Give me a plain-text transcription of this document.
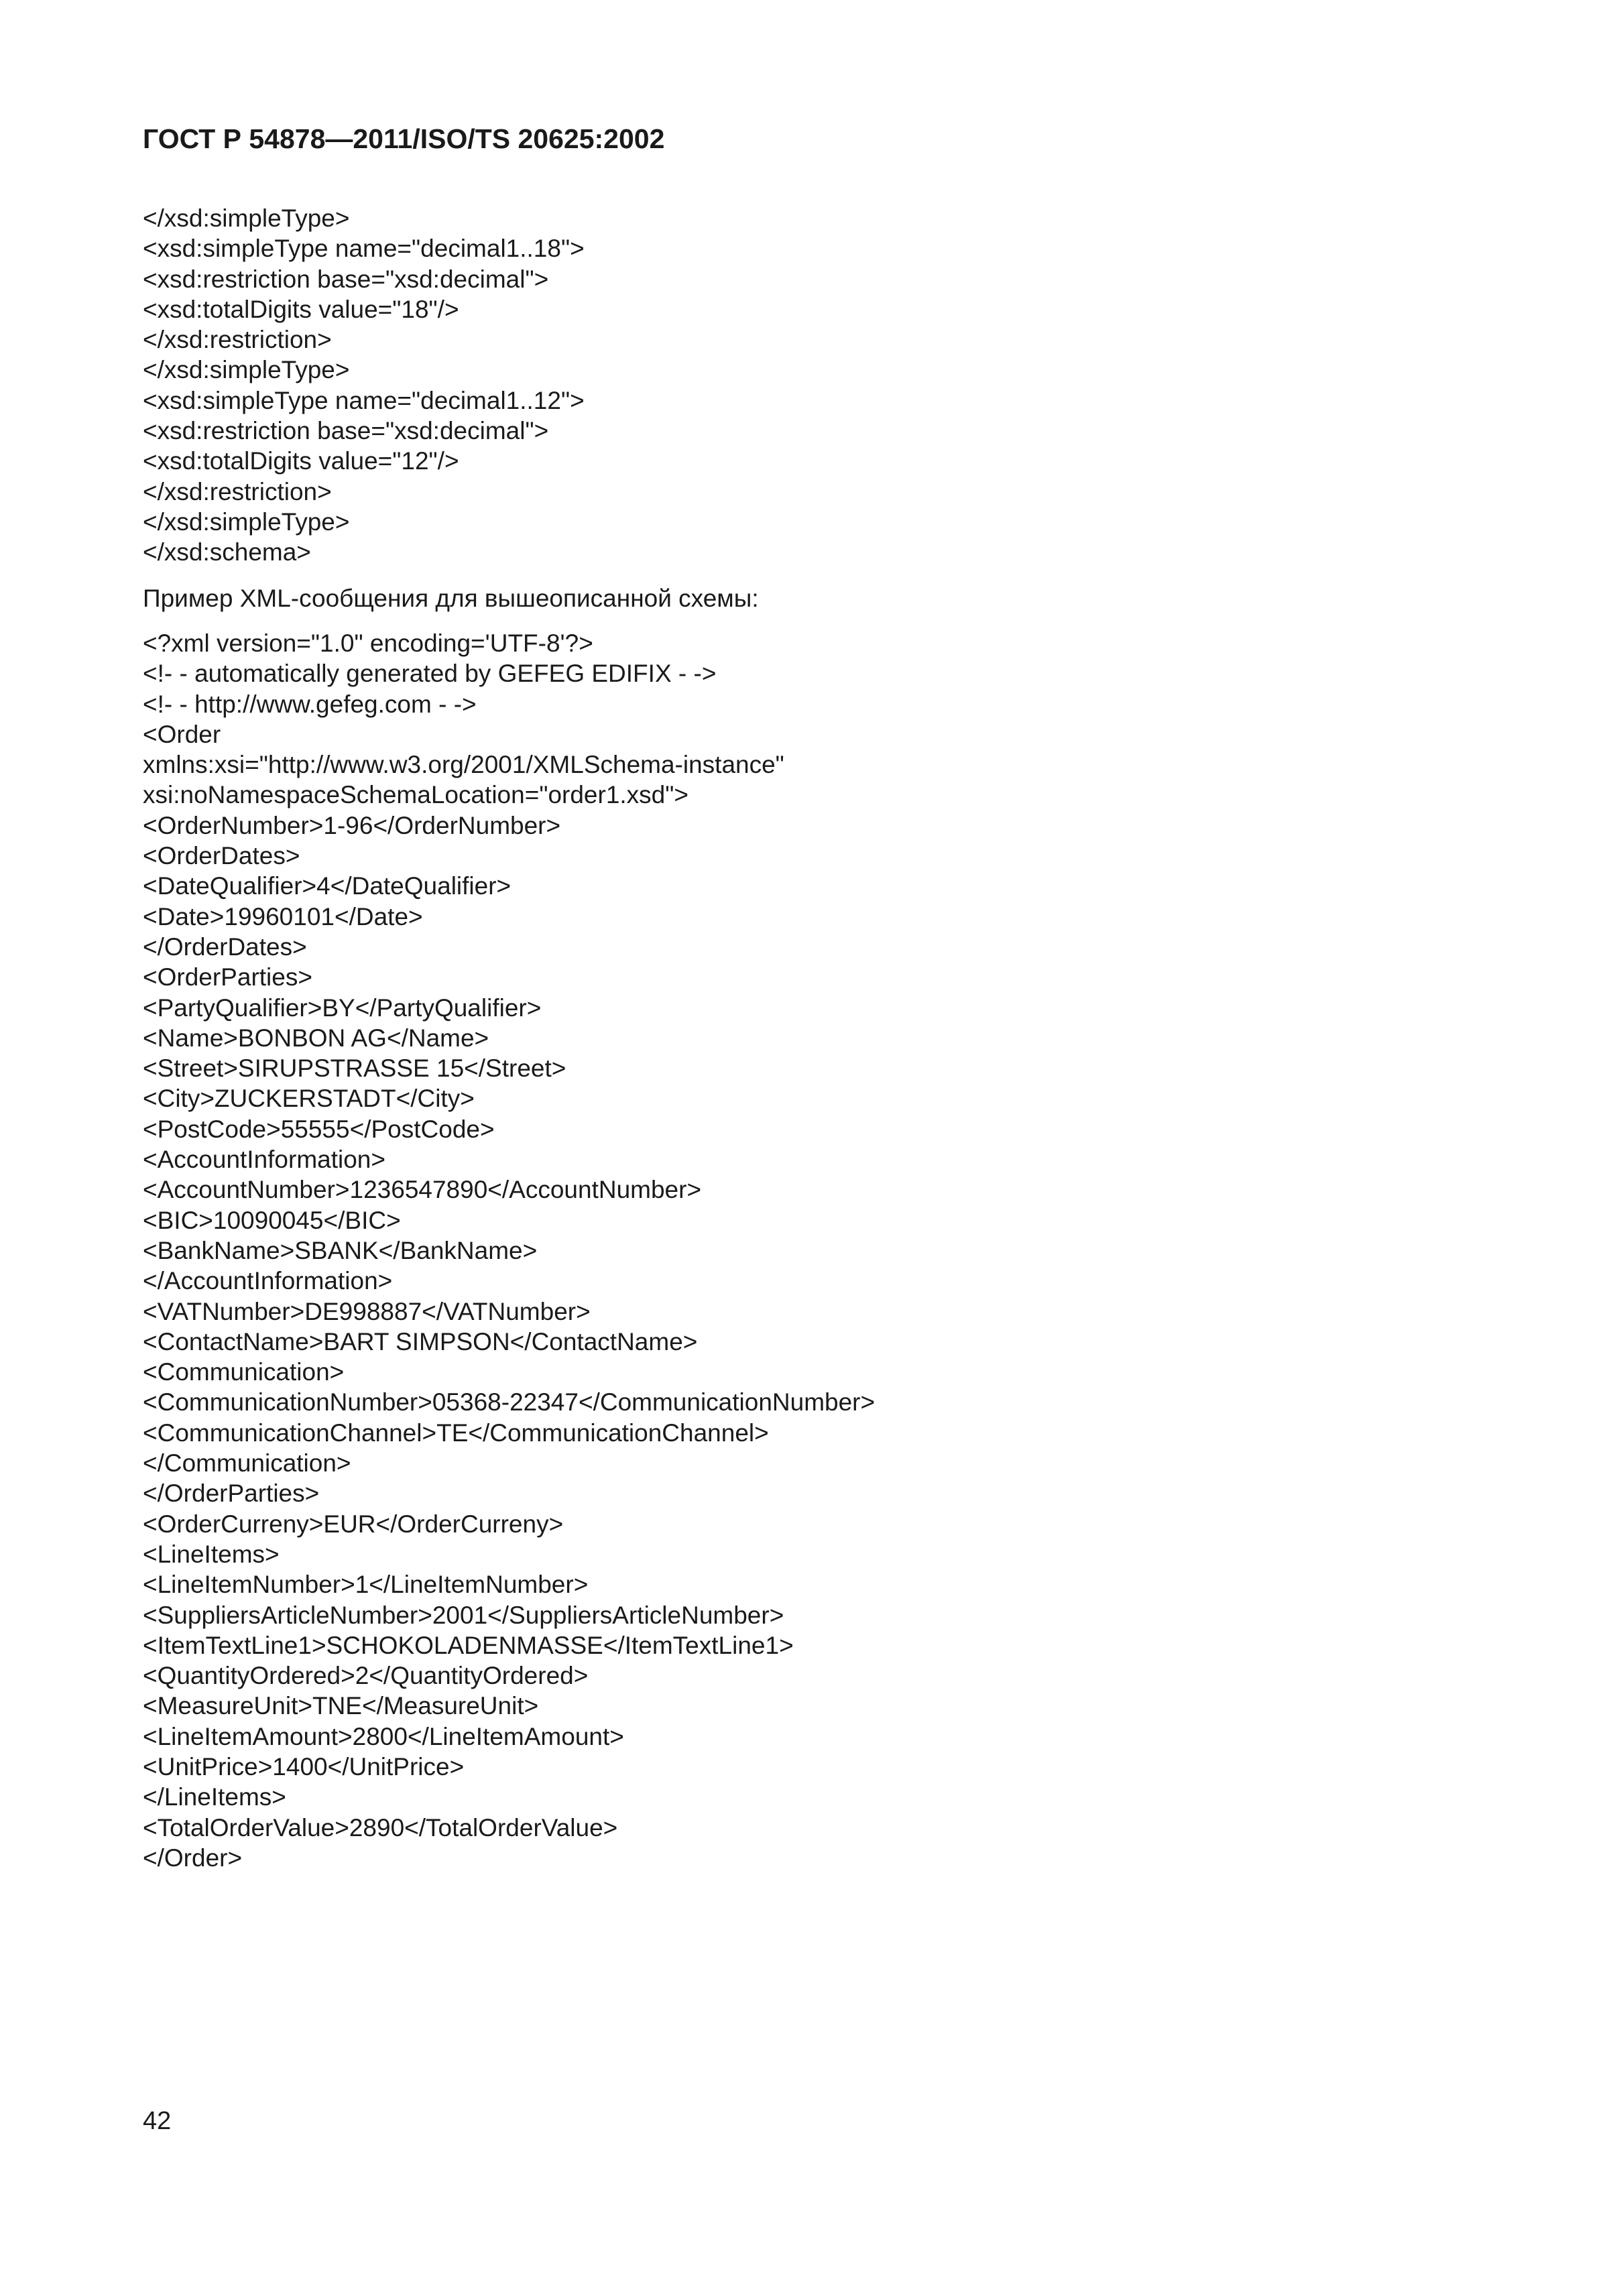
ГОСТ Р 54878—2011/ISO/TS 20625:2002
</xsd:simpleType>
<xsd:simpleType name="decimal1..18">
<xsd:restriction base="xsd:decimal">
<xsd:totalDigits value="18"/>
</xsd:restriction>
</xsd:simpleType>
<xsd:simpleType name="decimal1..12">
<xsd:restriction base="xsd:decimal">
<xsd:totalDigits value="12"/>
</xsd:restriction>
</xsd:simpleType>
</xsd:schema>
Пример XML-сообщения для вышеописанной схемы:
<?xml version="1.0" encoding='UTF-8'?>
<!- - automatically generated by GEFEG EDIFIX - ->
<!- - http://www.gefeg.com - ->
<Order
xmlns:xsi="http://www.w3.org/2001/XMLSchema-instance"
xsi:noNamespaceSchemaLocation="order1.xsd">
<OrderNumber>1-96</OrderNumber>
<OrderDates>
<DateQualifier>4</DateQualifier>
<Date>19960101</Date>
</OrderDates>
<OrderParties>
<PartyQualifier>BY</PartyQualifier>
<Name>BONBON AG</Name>
<Street>SIRUPSTRASSE 15</Street>
<City>ZUCKERSTADT</City>
<PostCode>55555</PostCode>
<AccountInformation>
<AccountNumber>1236547890</AccountNumber>
<BIC>10090045</BIC>
<BankName>SBANK</BankName>
</AccountInformation>
<VATNumber>DE998887</VATNumber>
<ContactName>BART SIMPSON</ContactName>
<Communication>
<CommunicationNumber>05368-22347</CommunicationNumber>
<CommunicationChannel>TE</CommunicationChannel>
</Communication>
</OrderParties>
<OrderCurreny>EUR</OrderCurreny>
<LineItems>
<LineItemNumber>1</LineItemNumber>
<SuppliersArticleNumber>2001</SuppliersArticleNumber>
<ItemTextLine1>SCHOKOLADENMASSE</ItemTextLine1>
<QuantityOrdered>2</QuantityOrdered>
<MeasureUnit>TNE</MeasureUnit>
<LineItemAmount>2800</LineItemAmount>
<UnitPrice>1400</UnitPrice>
</LineItems>
<TotalOrderValue>2890</TotalOrderValue>
</Order>
42
